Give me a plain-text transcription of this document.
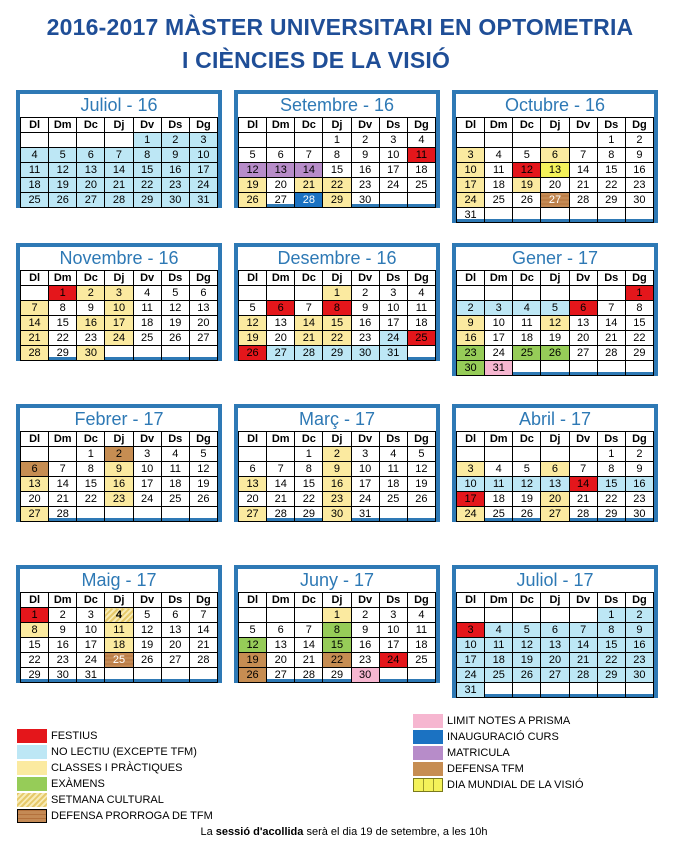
2016-2017 MÀSTER UNIVERSITARI EN OPTOMETRIA
I CIÈNCIES DE LA VISIÓ
Juliol - 16
Dl	Dm	Dc	Dj	Dv	Ds	Dg
				1	2	3
4	5	6	7	8	9	10
11	12	13	14	15	16	17
18	19	20	21	22	23	24
25	26	27	28	29	30	31
Setembre - 16
Dl	Dm	Dc	Dj	Dv	Ds	Dg
			1	2	3	4
5	6	7	8	9	10	11
12	13	14	15	16	17	18
19	20	21	22	23	24	25
26	27	28	29	30		
Octubre - 16
Dl	Dm	Dc	Dj	Dv	Ds	Dg
					1	2
3	4	5	6	7	8	9
10	11	12	13	14	15	16
17	18	19	20	21	22	23
24	25	26	27	28	29	30
31						
Novembre - 16
Dl	Dm	Dc	Dj	Dv	Ds	Dg
	1	2	3	4	5	6
7	8	9	10	11	12	13
14	15	16	17	18	19	20
21	22	23	24	25	26	27
28	29	30				
Desembre - 16
Dl	Dm	Dc	Dj	Dv	Ds	Dg
			1	2	3	4
5	6	7	8	9	10	11
12	13	14	15	16	17	18
19	20	21	22	23	24	25
26	27	28	29	30	31	
Gener - 17
Dl	Dm	Dc	Dj	Dv	Ds	Dg
						1
2	3	4	5	6	7	8
9	10	11	12	13	14	15
16	17	18	19	20	21	22
23	24	25	26	27	28	29
30	31					
Febrer - 17
Dl	Dm	Dc	Dj	Dv	Ds	Dg
		1	2	3	4	5
6	7	8	9	10	11	12
13	14	15	16	17	18	19
20	21	22	23	24	25	26
27	28					
Març - 17
Dl	Dm	Dc	Dj	Dv	Ds	Dg
		1	2	3	4	5
6	7	8	9	10	11	12
13	14	15	16	17	18	19
20	21	22	23	24	25	26
27	28	29	30	31		
Abril - 17
Dl	Dm	Dc	Dj	Dv	Ds	Dg
					1	2
3	4	5	6	7	8	9
10	11	12	13	14	15	16
17	18	19	20	21	22	23
24	25	26	27	28	29	30
Maig - 17
Dl	Dm	Dc	Dj	Dv	Ds	Dg
1	2	3	4	5	6	7
8	9	10	11	12	13	14
15	16	17	18	19	20	21
22	23	24	25	26	27	28
29	30	31				
Juny - 17
Dl	Dm	Dc	Dj	Dv	Ds	Dg
			1	2	3	4
5	6	7	8	9	10	11
12	13	14	15	16	17	18
19	20	21	22	23	24	25
26	27	28	29	30		
Juliol - 17
Dl	Dm	Dc	Dj	Dv	Ds	Dg
					1	2
3	4	5	6	7	8	9
10	11	12	13	14	15	16
17	18	19	20	21	22	23
24	25	26	27	28	29	30
31						
FESTIUS
NO LECTIU (EXCEPTE TFM)
CLASSES I PRÀCTIQUES
EXÀMENS
SETMANA CULTURAL
DEFENSA PRORROGA DE TFM
LIMIT NOTES A PRISMA
INAUGURACIÓ CURS
MATRICULA
DEFENSA TFM
DIA MUNDIAL DE LA VISIÓ
La sessió d'acollida serà el dia 19 de setembre, a les 10h
